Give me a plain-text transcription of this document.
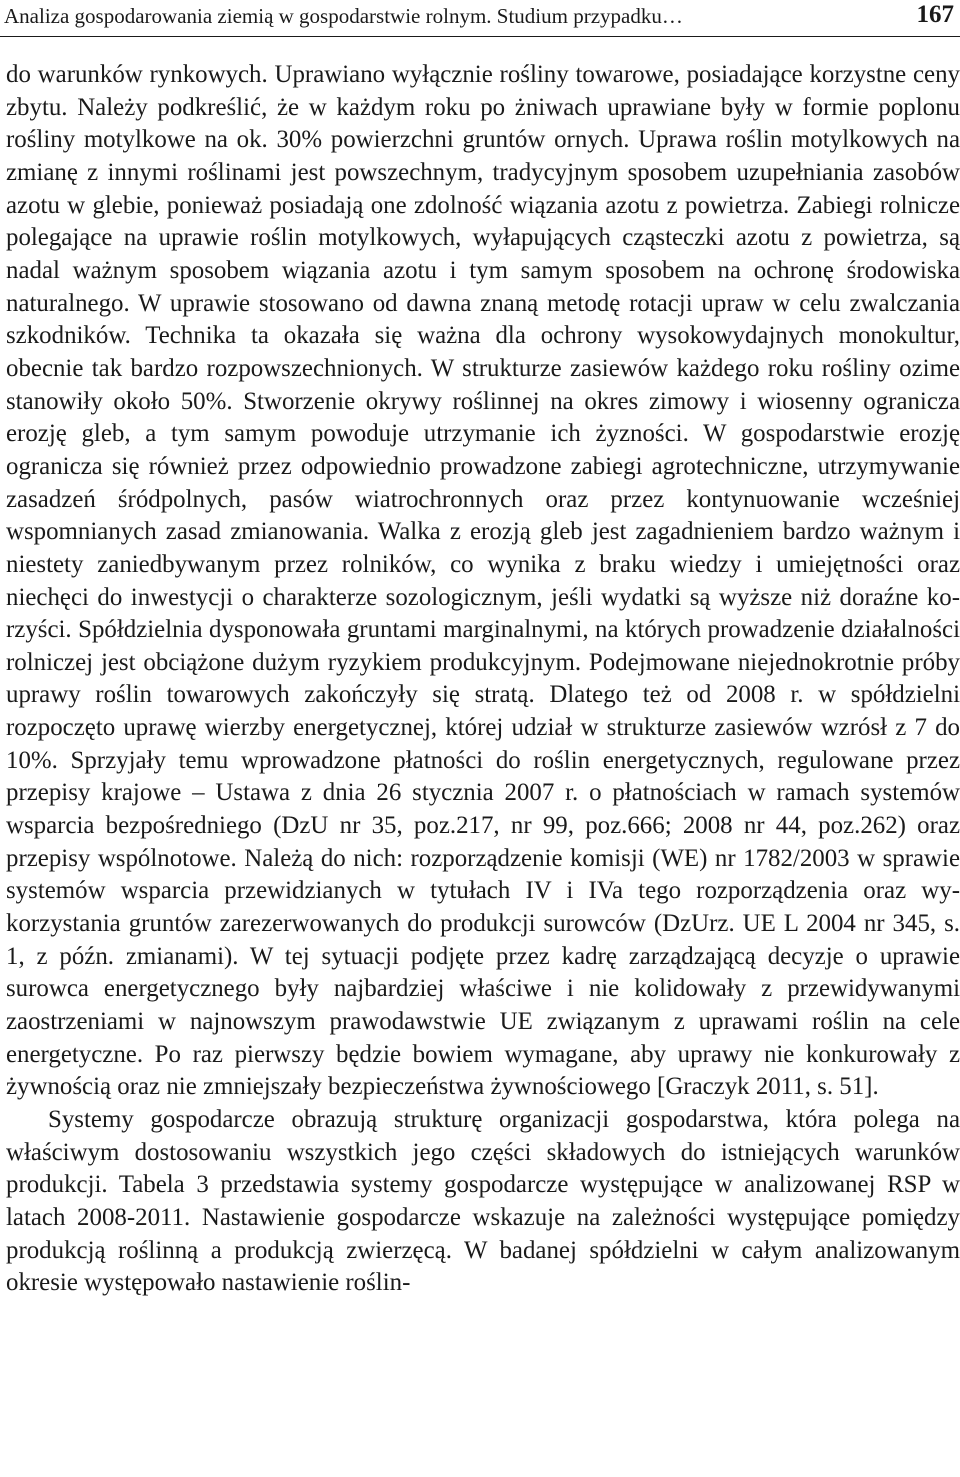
Analiza gospodarowania ziemią w gospodarstwie rolnym. Studium przypadku…	167

do warunków rynkowych. Uprawiano wyłącznie rośliny towarowe, posiadające korzystne ceny zbytu. Należy podkreślić, że w każdym roku po żniwach uprawiane były w formie poplonu rośliny motylkowe na ok. 30% powierzchni gruntów ornych. Uprawa roślin motylkowych na zmianę z innymi roślinami jest powszechnym, tradycyjnym sposobem uzupełniania zasobów azotu w glebie, ponieważ posiadają one zdolność wiązania azotu z powietrza. Zabiegi rolnicze polegające na uprawie roślin motylkowych, wyłapujących cząsteczki azotu z powietrza, są nadal ważnym sposobem wiązania azotu i tym samym sposobem na ochronę środowiska naturalnego. W uprawie stosowano od dawna znaną metodę rotacji upraw w celu zwalczania szkodników. Technika ta okazała się ważna dla ochrony wysokowydajnych monokultur, obecnie tak bardzo rozpowszechnionych. W strukturze zasiewów każdego roku rośliny ozime stanowiły około 50%. Stworzenie okrywy roślinnej na okres zimowy i wiosenny ogranicza erozję gleb, a tym samym powoduje utrzymanie ich żyzności. W gospodarstwie erozję ogranicza się również przez odpowiednio prowadzone zabiegi agrotechniczne, utrzymywanie zasadzeń śródpolnych, pasów wiatrochronnych oraz przez kontynuowanie wcześniej wspomnianych zasad zmianowania. Walka z erozją gleb jest zagadnieniem bardzo ważnym i niestety zaniedbywanym przez rolników, co wynika z braku wiedzy i umiejętności oraz niechęci do inwestycji o charakterze sozologicznym, jeśli wydatki są wyższe niż doraźne korzyści. Spółdzielnia dysponowała gruntami marginalnymi, na których prowadzenie działalności rolniczej jest obciążone dużym ryzykiem produkcyjnym. Podejmowane niejednokrotnie próby uprawy roślin towarowych zakończyły się stratą. Dlatego też od 2008 r. w spółdzielni rozpoczęto uprawę wierzby energetycznej, której udział w strukturze zasiewów wzrósł z 7 do 10%. Sprzyjały temu wprowadzone płatności do roślin energetycznych, regulowane przez przepisy krajowe – Ustawa z dnia 26 stycznia 2007 r. o płatnościach w ramach systemów wsparcia bezpośredniego (DzU nr 35, poz.217, nr 99, poz.666; 2008 nr 44, poz.262) oraz przepisy wspólnotowe. Należą do nich: rozporządzenie komisji (WE) nr 1782/2003 w sprawie systemów wsparcia przewidzianych w tytułach IV i IVa tego rozporządzenia oraz wykorzystania gruntów zarezerwowanych do produkcji surowców (DzUrz. UE L 2004 nr 345, s. 1, z późn. zmianami). W tej sytuacji podjęte przez kadrę zarządzającą decyzje o uprawie surowca energetycznego były najbardziej właściwe i nie kolidowały z przewidywanymi zaostrzeniami w najnowszym prawodawstwie UE związanym z uprawami roślin na cele energetyczne. Po raz pierwszy będzie bowiem wymagane, aby uprawy nie konkurowały z żywnością oraz nie zmniejszały bezpieczeństwa żywnościowego [Graczyk 2011, s. 51].

Systemy gospodarcze obrazują strukturę organizacji gospodarstwa, która polega na właściwym dostosowaniu wszystkich jego części składowych do istniejących warunków produkcji. Tabela 3 przedstawia systemy gospodarcze występujące w analizowanej RSP w latach 2008-2011. Nastawienie gospodarcze wskazuje na zależności występujące pomiędzy produkcją roślinną a produkcją zwierzęcą. W badanej spółdzielni w całym analizowanym okresie występowało nastawienie roślin-
